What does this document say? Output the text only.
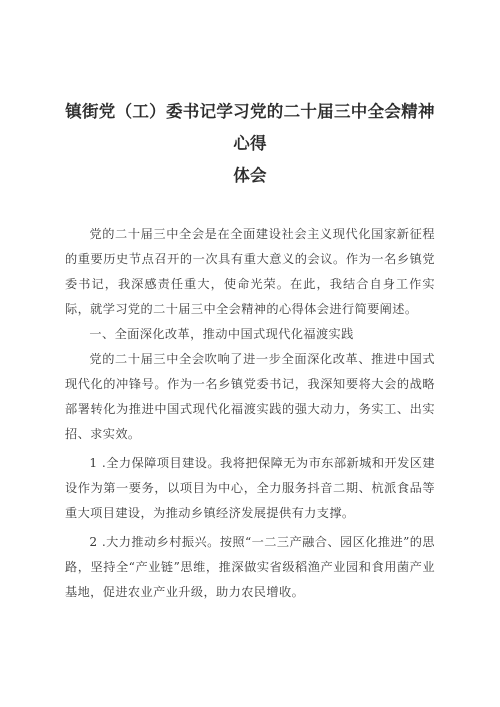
镇街党（工）委书记学习党的二十届三中全会精神心得
体会

党的二十届三中全会是在全面建设社会主义现代化国家新征程的重要历史节点召开的一次具有重大意义的会议。作为一名乡镇党委书记，我深感责任重大，使命光荣。在此，我结合自身工作实际，就学习党的二十届三中全会精神的心得体会进行简要阐述。

一、全面深化改革，推动中国式现代化福渡实践

党的二十届三中全会吹响了进一步全面深化改革、推进中国式现代化的冲锋号。作为一名乡镇党委书记，我深知要将大会的战略部署转化为推进中国式现代化福渡实践的强大动力，务实工、出实招、求实效。

1 .全力保障项目建设。我将把保障无为市东部新城和开发区建设作为第一要务，以项目为中心，全力服务抖音二期、杭派食品等重大项目建设，为推动乡镇经济发展提供有力支撑。

2 .大力推动乡村振兴。按照“一二三产融合、园区化推进”的思路，坚持全“产业链”思维，推深做实省级稻渔产业园和食用菌产业基地，促进农业产业升级，助力农民增收。
